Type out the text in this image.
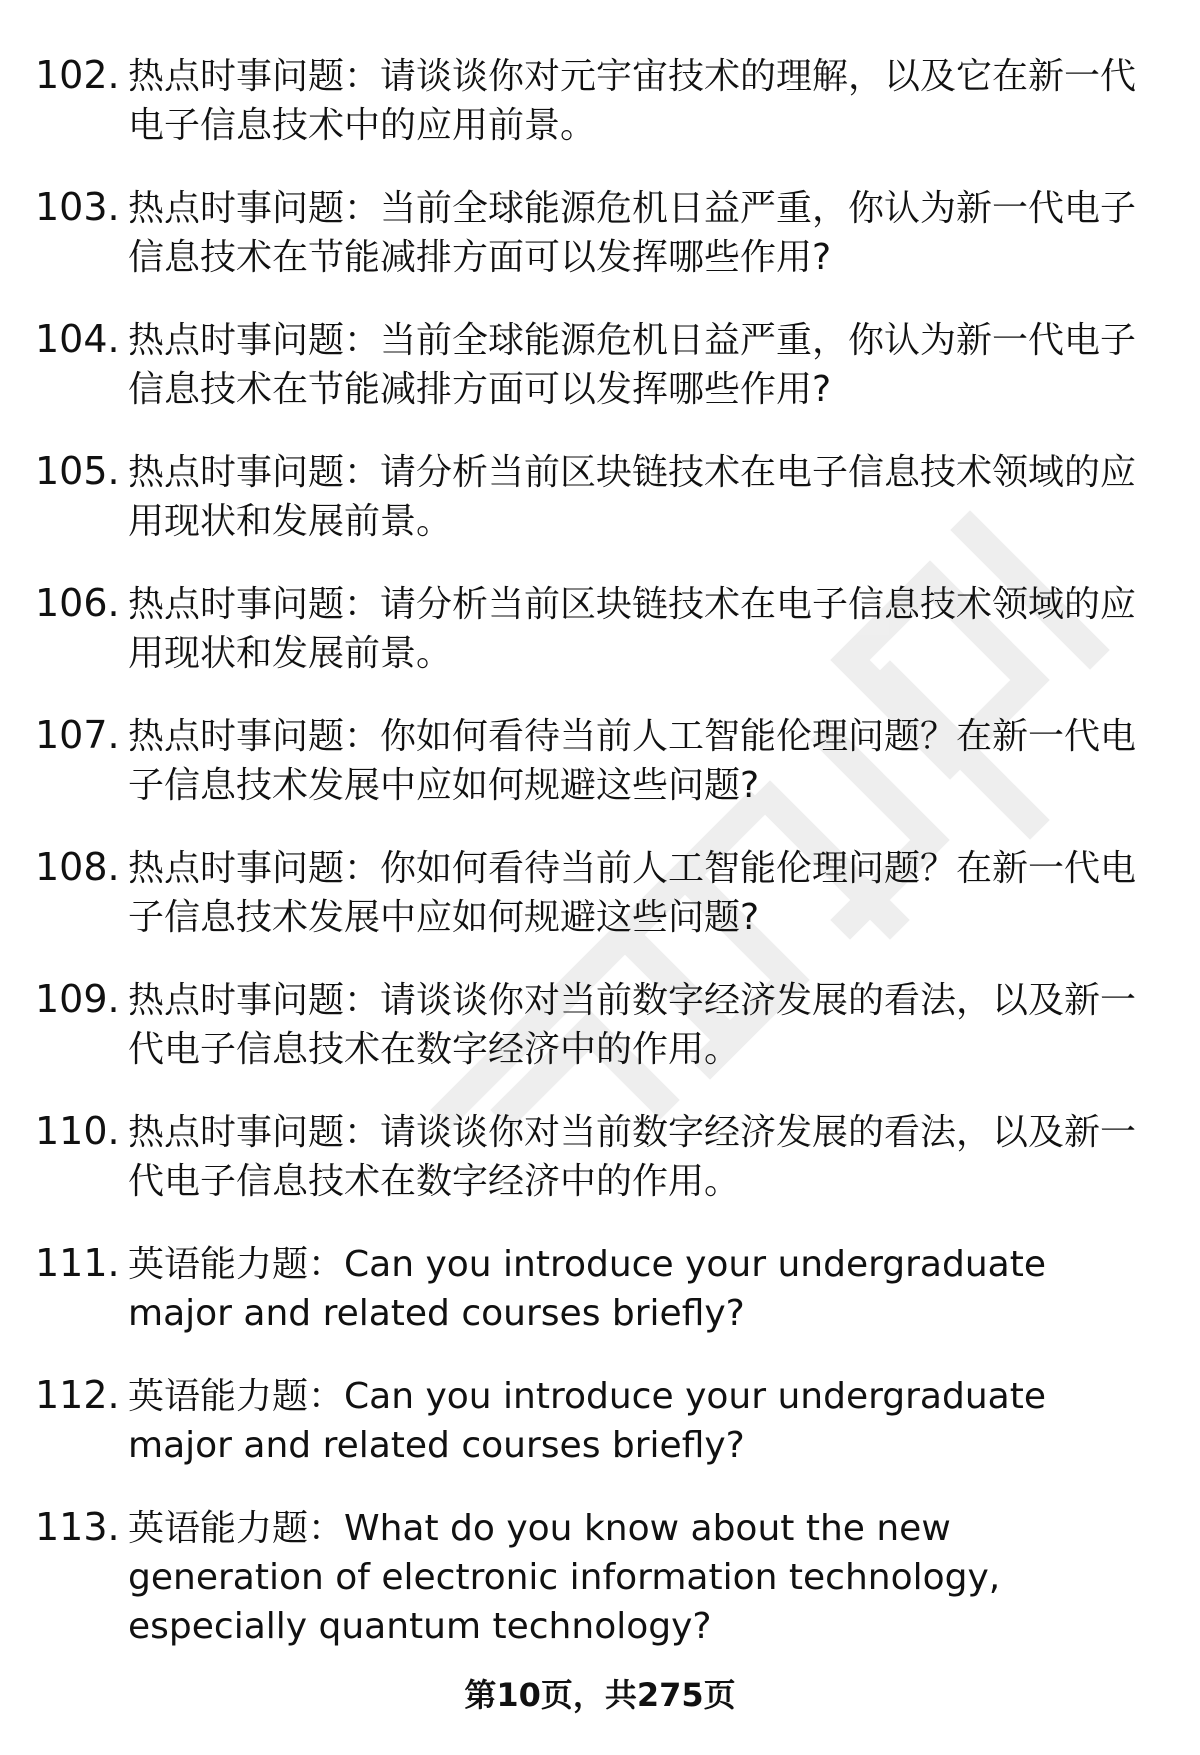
102. 热点时事问题：请谈谈你对元宇宙技术的理解，以及它在新一代电子信息技术中的应用前景。
103. 热点时事问题：当前全球能源危机日益严重，你认为新一代电子信息技术在节能减排方面可以发挥哪些作用?
104. 热点时事问题：当前全球能源危机日益严重，你认为新一代电子信息技术在节能减排方面可以发挥哪些作用?
105. 热点时事问题：请分析当前区块链技术在电子信息技术领域的应用现状和发展前景。
106. 热点时事问题：请分析当前区块链技术在电子信息技术领域的应用现状和发展前景。
107. 热点时事问题：你如何看待当前人工智能伦理问题？在新一代电子信息技术发展中应如何规避这些问题?
108. 热点时事问题：你如何看待当前人工智能伦理问题？在新一代电子信息技术发展中应如何规避这些问题?
109. 热点时事问题：请谈谈你对当前数字经济发展的看法，以及新一代电子信息技术在数字经济中的作用。
110. 热点时事问题：请谈谈你对当前数字经济发展的看法，以及新一代电子信息技术在数字经济中的作用。
111. 英语能力题：Can you introduce your undergraduate major and related courses briefly?
112. 英语能力题：Can you introduce your undergraduate major and related courses briefly?
113. 英语能力题：What do you know about the new generation of electronic information technology, especially quantum technology?
第10页，共275页
